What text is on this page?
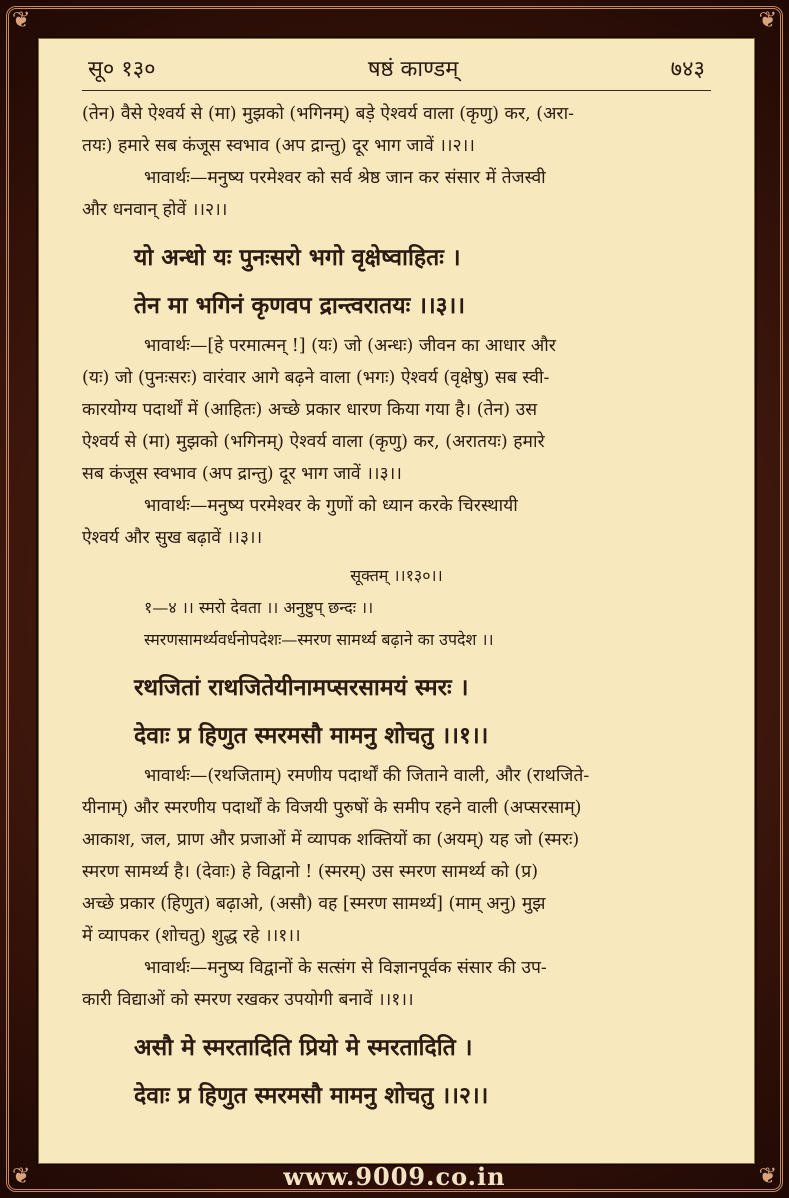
❦	❦
❦	❦
सू० १३०	षष्ठं काण्डम्	७४३

(तेन) वैसे ऐश्वर्य से (मा) मुझको (भगिनम्) बड़े ऐश्वर्य वाला (कृणु) कर, (अरा-

तयः) हमारे सब कंजूस स्वभाव (अप द्रान्तु) दूर भाग जावें ।।२।।

भावार्थः—मनुष्य परमेश्वर को सर्व श्रेष्ठ जान कर संसार में तेजस्वी

और धनवान् होवें ।।२।।

यो अन्धो यः पुनःसरो भगो वृक्षेष्वाहितः ।
तेन मा भगिनं कृणवप द्रान्त्वरातयः ।।३।।

भावार्थः—[हे परमात्मन् !] (यः) जो (अन्धः) जीवन का आधार और

(यः) जो (पुनःसरः) वारंवार आगे बढ़ने वाला (भगः) ऐश्वर्य (वृक्षेषु) सब स्वी-

कारयोग्य पदार्थों में (आहितः) अच्छे प्रकार धारण किया गया है। (तेन) उस

ऐश्वर्य से (मा) मुझको (भगिनम्) ऐश्वर्य वाला (कृणु) कर, (अरातयः) हमारे

सब कंजूस स्वभाव (अप द्रान्तु) दूर भाग जावें ।।३।।

भावार्थः—मनुष्य परमेश्वर के गुणों को ध्यान करके चिरस्थायी

ऐश्वर्य और सुख बढ़ावें ।।३।।

सूक्तम् ।।१३०।।

१—४ ।। स्मरो देवता ।। अनुष्टुप् छन्दः ।।

स्मरणसामर्थ्यवर्धनोपदेशः—स्मरण सामर्थ्य बढ़ाने का उपदेश ।।

रथजितां राथजितेयीनामप्सरसामयं स्मरः ।
देवाः प्र हिणुत स्मरमसौ मामनु शोचतु ।।१।।

भावार्थः—(रथजिताम्) रमणीय पदार्थों की जिताने वाली, और (राथजिते-

यीनाम्) और स्मरणीय पदार्थों के विजयी पुरुषों के समीप रहने वाली (अप्सरसाम्)

आकाश, जल, प्राण और प्रजाओं में व्यापक शक्तियों का (अयम्) यह जो (स्मरः)

स्मरण सामर्थ्य है। (देवाः) हे विद्वानो ! (स्मरम्) उस स्मरण सामर्थ्य को (प्र)

अच्छे प्रकार (हिणुत) बढ़ाओ, (असौ) वह [स्मरण सामर्थ्य] (माम् अनु) मुझ

में व्यापकर (शोचतु) शुद्ध रहे ।।१।।

भावार्थः—मनुष्य विद्वानों के सत्संग से विज्ञानपूर्वक संसार की उप-

कारी विद्याओं को स्मरण रखकर उपयोगी बनावें ।।१।।

असौ मे स्मरतादिति प्रियो मे स्मरतादिति ।
देवाः प्र हिणुत स्मरमसौ मामनु शोचतु ।।२।।
www.9009.co.in
